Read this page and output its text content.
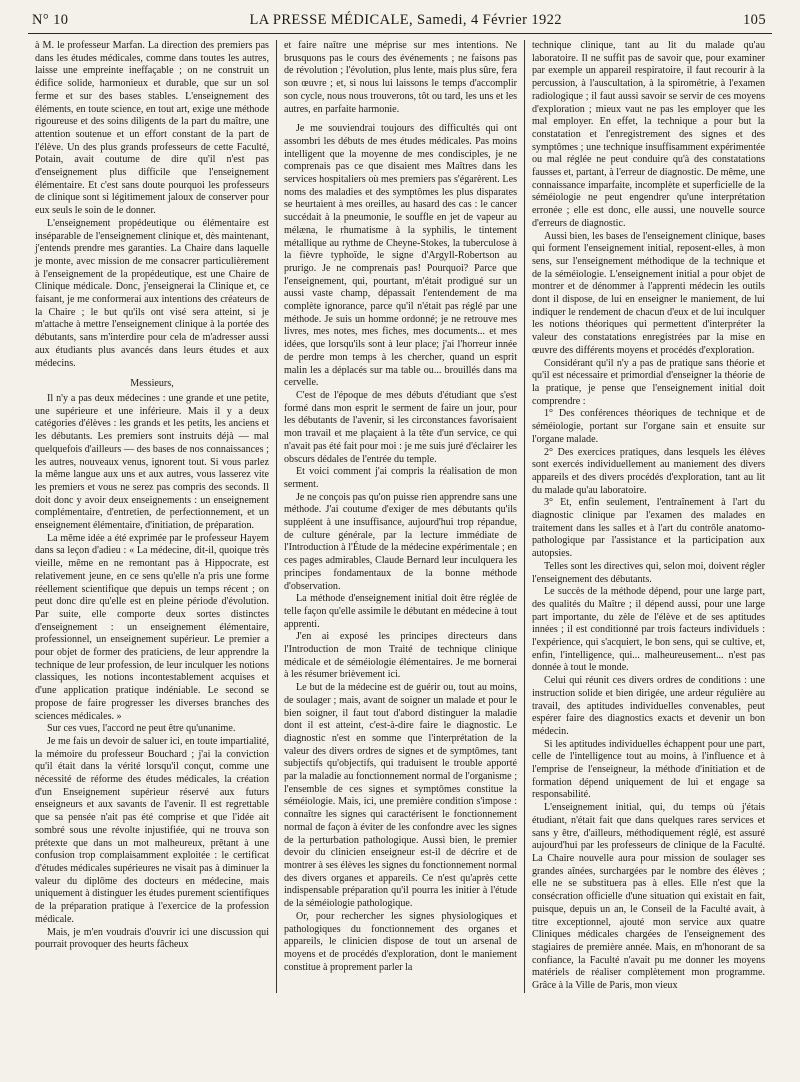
N° 10	LA PRESSE MÉDICALE, Samedi, 4 Février 1922	105

à M. le professeur Marfan. La direction des premiers pas dans les études médicales, comme dans toutes les autres, laisse une empreinte ineffaçable ; on ne construit un édifice solide, harmonieux et durable, que sur un sol ferme et sur des bases stables. L'enseignement des éléments, en toute science, en tout art, exige une méthode rigoureuse et des soins diligents de la part du maître, une attention soutenue et un effort constant de la part de l'élève. Un des plus grands professeurs de cette Faculté, Potain, avait coutume de dire qu'il n'est pas d'enseignement plus difficile que l'enseignement élémentaire. Et c'est sans doute pourquoi les professeurs de clinique sont si légitimement jaloux de conserver pour eux seuls le soin de le donner.

L'enseignement propédeutique ou élémentaire est inséparable de l'enseignement clinique et, dès maintenant, j'entends prendre mes garanties. La Chaire dans laquelle je monte, avec mission de me consacrer particulièrement à l'enseignement de la propédeutique, est une Chaire de Clinique médicale. Donc, j'enseignerai la Clinique et, ce faisant, je me conformerai aux intentions des créateurs de la Chaire ; le but qu'ils ont visé sera atteint, si je m'attache à mettre l'enseignement clinique à la portée des débutants, sans m'interdire pour cela de m'adresser aussi aux étudiants plus avancés dans leurs études et aux médecins.

Messieurs,

Il n'y a pas deux médecines : une grande et une petite, une supérieure et une inférieure. Mais il y a deux catégories d'élèves : les grands et les petits, les anciens et les débutants. Les premiers sont instruits déjà — mal quelquefois d'ailleurs — des bases de nos connaissances ; les autres, nouveaux venus, ignorent tout. Si vous parlez la même langue aux uns et aux autres, vous lasserez vite les premiers et vous ne serez pas compris des seconds. Il doit donc y avoir deux enseignements : un enseignement complémentaire, d'entretien, de perfectionnement, et un enseignement élémentaire, d'initiation, de préparation.

La même idée a été exprimée par le professeur Hayem dans sa leçon d'adieu : « La médecine, dit-il, quoique très vieille, même en ne remontant pas à Hippocrate, est relativement jeune, en ce sens qu'elle n'a pris une forme réellement scientifique que depuis un temps récent ; on peut donc dire qu'elle est en pleine période d'évolution. Par suite, elle comporte deux sortes distinctes d'enseignement : un enseignement élémentaire, professionnel, un enseignement supérieur. Le premier a pour objet de former des praticiens, de leur apprendre la technique de leur profession, de leur inculquer les notions classiques, les notions incontestablement acquises et d'une application pratique indéniable. Le second se propose de faire progresser les diverses branches des sciences médicales. »

Sur ces vues, l'accord ne peut être qu'unanime.

Je me fais un devoir de saluer ici, en toute impartialité, la mémoire du professeur Bouchard ; j'ai la conviction qu'il était dans la vérité lorsqu'il conçut, comme une nécessité de réforme des études médicales, la création d'un Enseignement supérieur réservé aux futurs enseigneurs et aux savants de l'avenir. Il est regrettable que sa pensée n'ait pas été comprise et que l'idée ait sombré sous une révolte injustifiée, qui ne trouva son prétexte que dans un mot malheureux, prêtant à une confusion trop complaisamment exploitée : le certificat d'études médicales supérieures ne visait pas à diminuer la valeur du diplôme des docteurs en médecine, mais uniquement à distinguer les études purement scientifiques de la préparation pratique à l'exercice de la profession médicale.

Mais, je m'en voudrais d'ouvrir ici une discussion qui pourrait provoquer des heurts fâcheux

et faire naître une méprise sur mes intentions. Ne brusquons pas le cours des événements ; ne faisons pas de révolution ; l'évolution, plus lente, mais plus sûre, fera son œuvre ; et, si nous lui laissons le temps d'accomplir son cycle, nous nous trouverons, tôt ou tard, les uns et les autres, en parfaite harmonie.

Je me souviendrai toujours des difficultés qui ont assombri les débuts de mes études médicales. Pas moins intelligent que la moyenne de mes condisciples, je ne comprenais pas ce que disaient mes Maîtres dans les services hospitaliers où mes premiers pas s'égarèrent. Les noms des maladies et des symptômes les plus disparates se heurtaient à mes oreilles, au hasard des cas : le cancer succédait à la pneumonie, le souffle en jet de vapeur au mélæna, le rhumatisme à la syphilis, le tintement métallique au rythme de Cheyne-Stokes, la tuberculose à la fièvre typhoïde, le signe d'Argyll-Robertson au prurigo. Je ne comprenais pas! Pourquoi? Parce que l'enseignement, qui, pourtant, m'était prodigué sur un aussi vaste champ, dépassait l'entendement de ma complète ignorance, parce qu'il n'était pas réglé par une méthode. Je suis un homme ordonné; je ne retrouve mes livres, mes notes, mes fiches, mes documents... et mes idées, que lorsqu'ils sont à leur place; j'ai l'horreur innée de perdre mon temps à les chercher, quand un esprit malin les a déplacés sur ma table ou... brouillés dans ma cervelle.

C'est de l'époque de mes débuts d'étudiant que s'est formé dans mon esprit le serment de faire un jour, pour les débutants de l'avenir, si les circonstances favorisaient mon travail et me plaçaient à la tête d'un service, ce qui n'avait pas été fait pour moi : je me suis juré d'éclairer les obscurs dédales de l'entrée du temple.

Et voici comment j'ai compris la réalisation de mon serment.

Je ne conçois pas qu'on puisse rien apprendre sans une méthode. J'ai coutume d'exiger de mes débutants qu'ils suppléent à une insuffisance, aujourd'hui trop répandue, de culture générale, par la lecture immédiate de l'Introduction à l'Étude de la médecine expérimentale ; en ces pages admirables, Claude Bernard leur inculquera les principes fondamentaux de la bonne méthode d'observation.

La méthode d'enseignement initial doit être réglée de telle façon qu'elle assimile le débutant en médecine à tout apprenti.

J'en ai exposé les principes directeurs dans l'Introduction de mon Traité de technique clinique médicale et de séméiologie élémentaires. Je me bornerai à les résumer brièvement ici.

Le but de la médecine est de guérir ou, tout au moins, de soulager ; mais, avant de soigner un malade et pour le bien soigner, il faut tout d'abord distinguer la maladie dont il est atteint, c'est-à-dire faire le diagnostic. Le diagnostic n'est en somme que l'interprétation de la valeur des divers ordres de signes et de symptômes, tant subjectifs qu'objectifs, qui traduisent le trouble apporté par la maladie au fonctionnement normal de l'organisme ; l'ensemble de ces signes et symptômes constitue la séméiologie. Mais, ici, une première condition s'impose : connaître les signes qui caractérisent le fonctionnement normal de façon à éviter de les confondre avec les signes de la perturbation pathologique. Aussi bien, le premier devoir du clinicien enseigneur est-il de décrire et de montrer à ses élèves les signes du fonctionnement normal des divers organes et appareils. Ce n'est qu'après cette indispensable préparation qu'il pourra les initier à l'étude de la séméiologie pathologique.

Or, pour rechercher les signes physiologiques et pathologiques du fonctionnement des organes et appareils, le clinicien dispose de tout un arsenal de moyens et de procédés d'exploration, dont le maniement constitue à proprement parler la

technique clinique, tant au lit du malade qu'au laboratoire. Il ne suffit pas de savoir que, pour examiner par exemple un appareil respiratoire, il faut recourir à la percussion, à l'auscultation, à la spirométrie, à l'examen radiologique ; il faut aussi savoir se servir de ces moyens d'exploration ; mieux vaut ne pas les employer que les mal employer. En effet, la technique a pour but la constatation et l'enregistrement des signes et des symptômes ; une technique insuffisamment expérimentée ou mal réglée ne peut conduire qu'à des constatations fausses et, partant, à l'erreur de diagnostic. De même, une connaissance imparfaite, incomplète et superficielle de la séméiologie ne peut engendrer qu'une interprétation erronée ; elle est donc, elle aussi, une nouvelle source d'erreurs de diagnostic.

Aussi bien, les bases de l'enseignement clinique, bases qui forment l'enseignement initial, reposent-elles, à mon sens, sur l'enseignement méthodique de la technique et de la séméiologie. L'enseignement initial a pour objet de montrer et de dénommer à l'apprenti médecin les outils dont il dispose, de lui en enseigner le maniement, de lui indiquer le rendement de chacun d'eux et de lui inculquer les notions théoriques qui permettent d'interpréter la valeur des constatations enregistrées par la mise en œuvre des différents moyens et procédés d'exploration.

Considérant qu'il n'y a pas de pratique sans théorie et qu'il est nécessaire et primordial d'enseigner la théorie de la pratique, je pense que l'enseignement initial doit comprendre :

1° Des conférences théoriques de technique et de séméiologie, portant sur l'organe sain et ensuite sur l'organe malade.

2° Des exercices pratiques, dans lesquels les élèves sont exercés individuellement au maniement des divers appareils et des divers procédés d'exploration, tant au lit du malade qu'au laboratoire.

3° Et, enfin seulement, l'entraînement à l'art du diagnostic clinique par l'examen des malades en traitement dans les salles et à l'art du contrôle anatomo-pathologique par l'assistance et la participation aux autopsies.

Telles sont les directives qui, selon moi, doivent régler l'enseignement des débutants.

Le succès de la méthode dépend, pour une large part, des qualités du Maître ; il dépend aussi, pour une large part importante, du zèle de l'élève et de ses aptitudes innées ; il est conditionné par trois facteurs individuels : l'expérience, qui s'acquiert, le bon sens, qui se cultive, et, enfin, l'intelligence, qui... malheureusement... n'est pas donnée à tout le monde.

Celui qui réunit ces divers ordres de conditions : une instruction solide et bien dirigée, une ardeur régulière au travail, des aptitudes individuelles convenables, peut espérer faire des diagnostics exacts et devenir un bon médecin.

Si les aptitudes individuelles échappent pour une part, celle de l'intelligence tout au moins, à l'influence et à l'emprise de l'enseigneur, la méthode d'initiation et de formation dépend uniquement de lui et engage sa responsabilité.

L'enseignement initial, qui, du temps où j'étais étudiant, n'était fait que dans quelques rares services et sans y être, d'ailleurs, méthodiquement réglé, est assuré aujourd'hui par les professeurs de clinique de la Faculté. La Chaire nouvelle aura pour mission de soulager ses grandes aînées, surchargées par le nombre des élèves ; elle ne se substituera pas à elles. Elle n'est que la consécration officielle d'une situation qui existait en fait, puisque, depuis un an, le Conseil de la Faculté avait, à titre exceptionnel, ajouté mon service aux quatre Cliniques médicales chargées de l'enseignement des stagiaires de première année. Mais, en m'honorant de sa confiance, la Faculté n'avait pu me donner les moyens matériels de réaliser complètement mon programme. Grâce à la Ville de Paris, mon vieux
